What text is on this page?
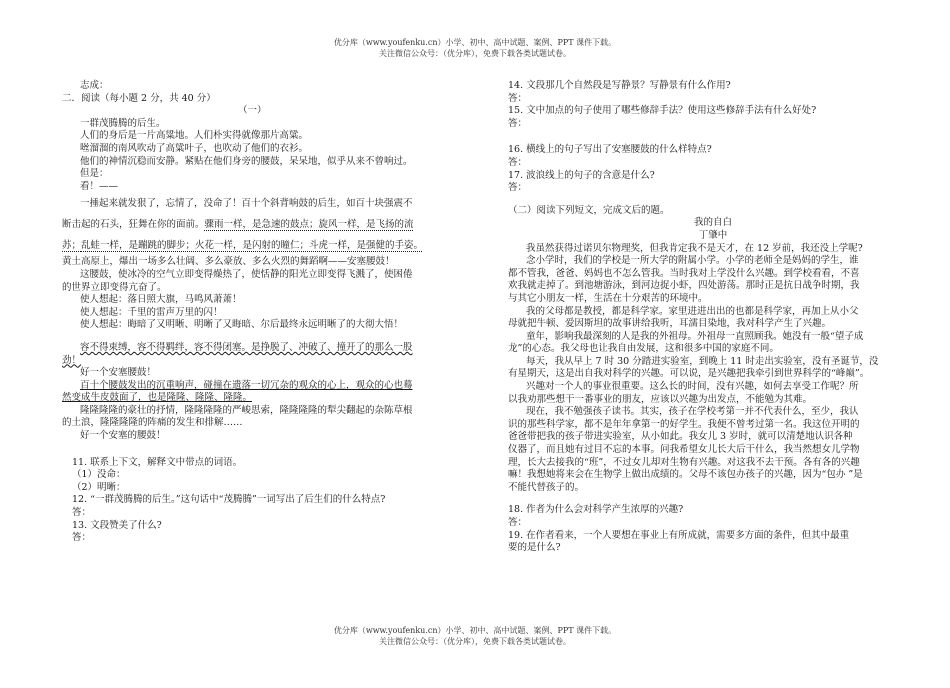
优分库（www.youfenku.cn）小学、初中、高中试题、案例、PPT 课件下载。
关注微信公众号：（优分库），免费下载各类试题试卷。
志成：
二．阅读（每小题 2 分，共 40 分）
（一）
一群茂腾腾的后生。
人们的身后是一片高粱地。人们朴实得就像那片高粱。
咝溜溜的南风吹动了高粱叶子，也吹动了他们的衣衫。
他们的神情沉稳而安静。紧贴在他们身旁的腰鼓，呆呆地，似乎从来不曾响过。
但是：
看！——
一捶起来就发狠了，忘情了，没命了！百十个斜背响鼓的后生，如百十块强震不
断击起的石头，狂舞在你的面前。骤雨一样，是急速的鼓点；旋风一样，是飞扬的流
苏；乱蛙一样，是蹦跳的脚步；火花一样，是闪射的瞳仁；斗虎一样，是强健的手姿。
黄土高原上，爆出一场多么壮阔、多么豪放、多么火烈的舞蹈啊——安塞腰鼓！
这腰鼓，使冰冷的空气立即变得燥热了，使恬静的阳光立即变得飞溅了，使困倦
的世界立即变得亢奋了。
使人想起：落日照大旗，马鸣风萧萧！
使人想起：千里的雷声万里的闪！
使人想起：晦暗了又明晰、明晰了又晦暗、尔后最终永远明晰了的大彻大悟！
容不得束缚，容不得羁绊，容不得闭塞。是挣脱了、冲破了、撞开了的那么一股
劲！
好一个安塞腰鼓！
百十个腰鼓发出的沉重响声，碰撞在遗落一切冗杂的观众的心上，观众的心也蓦
然变成牛皮鼓面了，也是隆隆、隆隆、隆隆。
隆隆隆隆的豪壮的抒情，隆隆隆隆的严峻思索，隆隆隆隆的犁尖翻起的杂陈草根
的土浪，隆隆隆隆的阵痛的发生和排解……
好一个安塞的腰鼓！
11. 联系上下文，解释文中带点的词语。
（1）没命：
（2）明晰：
12. “一群茂腾腾的后生。”这句话中“茂腾腾”一词写出了后生们的什么特点?
答：
13. 文段赞美了什么?
答：
14. 文段那几个自然段是写静景？写静景有什么作用?
答：
15. 文中加点的句子使用了哪些修辞手法？使用这些修辞手法有什么好处?
答：
16. 横线上的句子写出了安塞腰鼓的什么样特点?
答：
17. 波浪线上的句子的含意是什么?
答：
（二）阅读下列短文，完成文后的题。
我的自白
丁肇中
我虽然获得过诺贝尔物理奖，但我肯定我不是天才，在 12 岁前，我还没上学呢?
念小学时，我们的学校是一所大学的附属小学。小学的老师全是妈妈的学生，谁
都不管我，爸爸、妈妈也不怎么管我。当时我对上学没什么兴趣。到学校看看，不喜
欢我就走掉了。到池塘游泳，到河边捉小虾，四处游荡。那时正是抗日战争时期，我
与其它小朋友一样，生活在十分艰苦的环境中。
我的父母都是教授，都是科学家。家里进进出出的也都是科学家，再加上从小父
母就把牛顿、爱因斯坦的故事讲给我听，耳濡目染地，我对科学产生了兴趣。
童年，影响我最深刻的人是我的外祖母。外祖母一直照顾我。她没有一般“望子成
龙”的心态。我父母也让我自由发展，这和很多中国的家庭不同。
每天，我从早上 7 时 30 分踏进实验室，到晚上 11 时走出实验室，没有圣诞节，没
有星期天，这是出自我对科学的兴趣。可以说，是兴趣把我牵引到世界科学的“峰巅”。
兴趣对一个人的事业很重要。这么长的时间，没有兴趣，如何去享受工作呢？所
以我劝那些想干一番事业的朋友，应该以兴趣为出发点，不能勉为其难。
现在，我不勉强孩子读书。其实，孩子在学校考第一并不代表什么，至少，我认
识的那些科学家，都不是年年拿第一的好学生。我便不曾考过第一名。我这位开明的
爸爸带把我的孩子带进实验室，从小如此。我女儿 3 岁时，就可以清楚地认识各种
仪器了，而且她有过目不忘的本事。问我希望女儿长大后干什么，我当然想女儿学物
理，长大去接我的“班”，不过女儿却对生物有兴趣。对这我不去干预。各有各的兴趣
嘛！我想她将来会在生物学上做出成绩的。父母不该包办孩子的兴趣，因为“包办 ”是
不能代替孩子的。
18. 作者为什么会对科学产生浓厚的兴趣?
答：
19. 在作者看来，一个人要想在事业上有所成就，需要多方面的条件，但其中最重
要的是什么?
优分库（www.youfenku.cn）小学、初中、高中试题、案例、PPT 课件下载。
关注微信公众号：（优分库），免费下载各类试题试卷。
